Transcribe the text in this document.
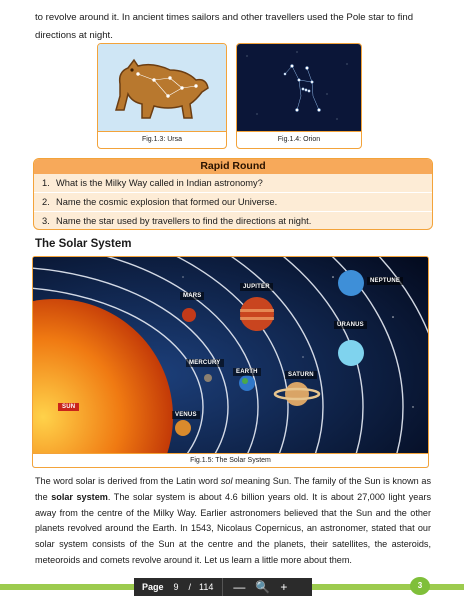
to revolve around it. In ancient times sailors and other travellers used the Pole star to find directions at night.

Fig.1.3: Ursa	Fig.1.4: Orion
Rapid Round
1. What is the Milky Way called in Indian astronomy?
2. Name the cosmic explosion that formed our Universe.
3. Name the star used by travellers to find the directions at night.
The Solar System
SUN
MERCURY
VENUS
EARTH
MARS
JUPITER
SATURN
URANUS
NEPTUNE
Fig.1.5: The Solar System

The word solar is derived from the Latin word sol meaning Sun. The family of the Sun is known as the solar system. The solar system is about 4.6 billion years old. It is about 27,000 light years away from the centre of the Milky Way. Earlier astronomers believed that the Sun and the other planets revolved around the Earth. In 1543, Nicolaus Copernicus, an astronomer, stated that our solar system consists of the Sun at the centre and the planets, their satellites, the asteroids, meteoroids and comets revolve around it. Let us learn a little more about them.

Page 9 / 114 — 🔍 +	3
